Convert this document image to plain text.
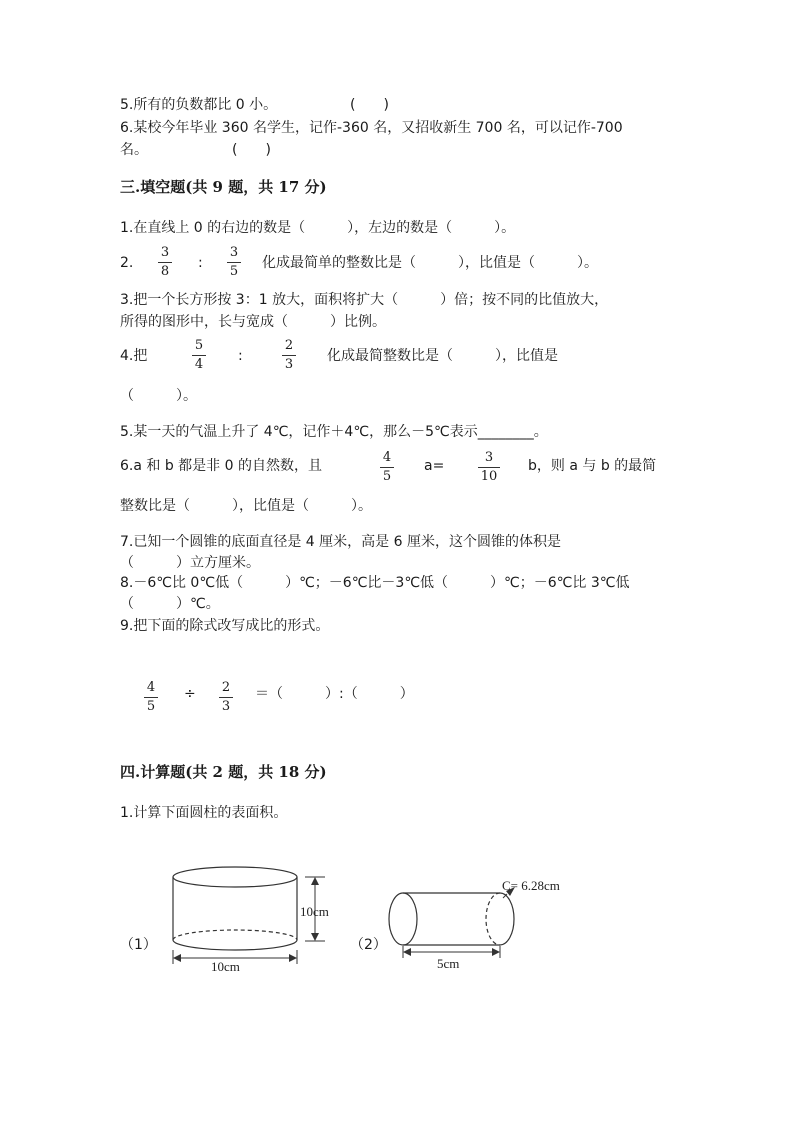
5.所有的负数都比 0 小。	(　　)
6.某校今年毕业 360 名学生，记作-360 名，又招收新生 700 名，可以记作-700
名。	(　　)
三.填空题(共 9 题，共 17 分)
1.在直线上 0 的右边的数是（　　　），左边的数是（　　　）。
2.
3
8
:
3
5
化成最简单的整数比是（　　　），比值是（　　　）。
3.把一个长方形按 3：1 放大，面积将扩大（　　　）倍；按不同的比值放大，
所得的图形中，长与宽成（　　　）比例。
4.把
5
4
:
2
3
化成最简整数比是（　　　），比值是
（　　　）。
5.某一天的气温上升了 4℃，记作＋4℃，那么－5℃表示________。
6.a 和 b 都是非 0 的自然数，且
4
5
a=
3
10
b，则 a 与 b 的最简
整数比是（　　　），比值是（　　　）。
7.已知一个圆锥的底面直径是 4 厘米，高是 6 厘米，这个圆锥的体积是
（　　　）立方厘米。
8.－6℃比 0℃低（　　　）℃；－6℃比－3℃低（　　　）℃；－6℃比 3℃低
（　　　）℃。
9.把下面的除式改写成比的形式。
4
5
÷ 2
3
＝（　　　）:（　　　）
四.计算题(共 2 题，共 18 分)
1.计算下面圆柱的表面积。
（1）
10cm
10cm
（2）
C= 6.28cm
5cm
